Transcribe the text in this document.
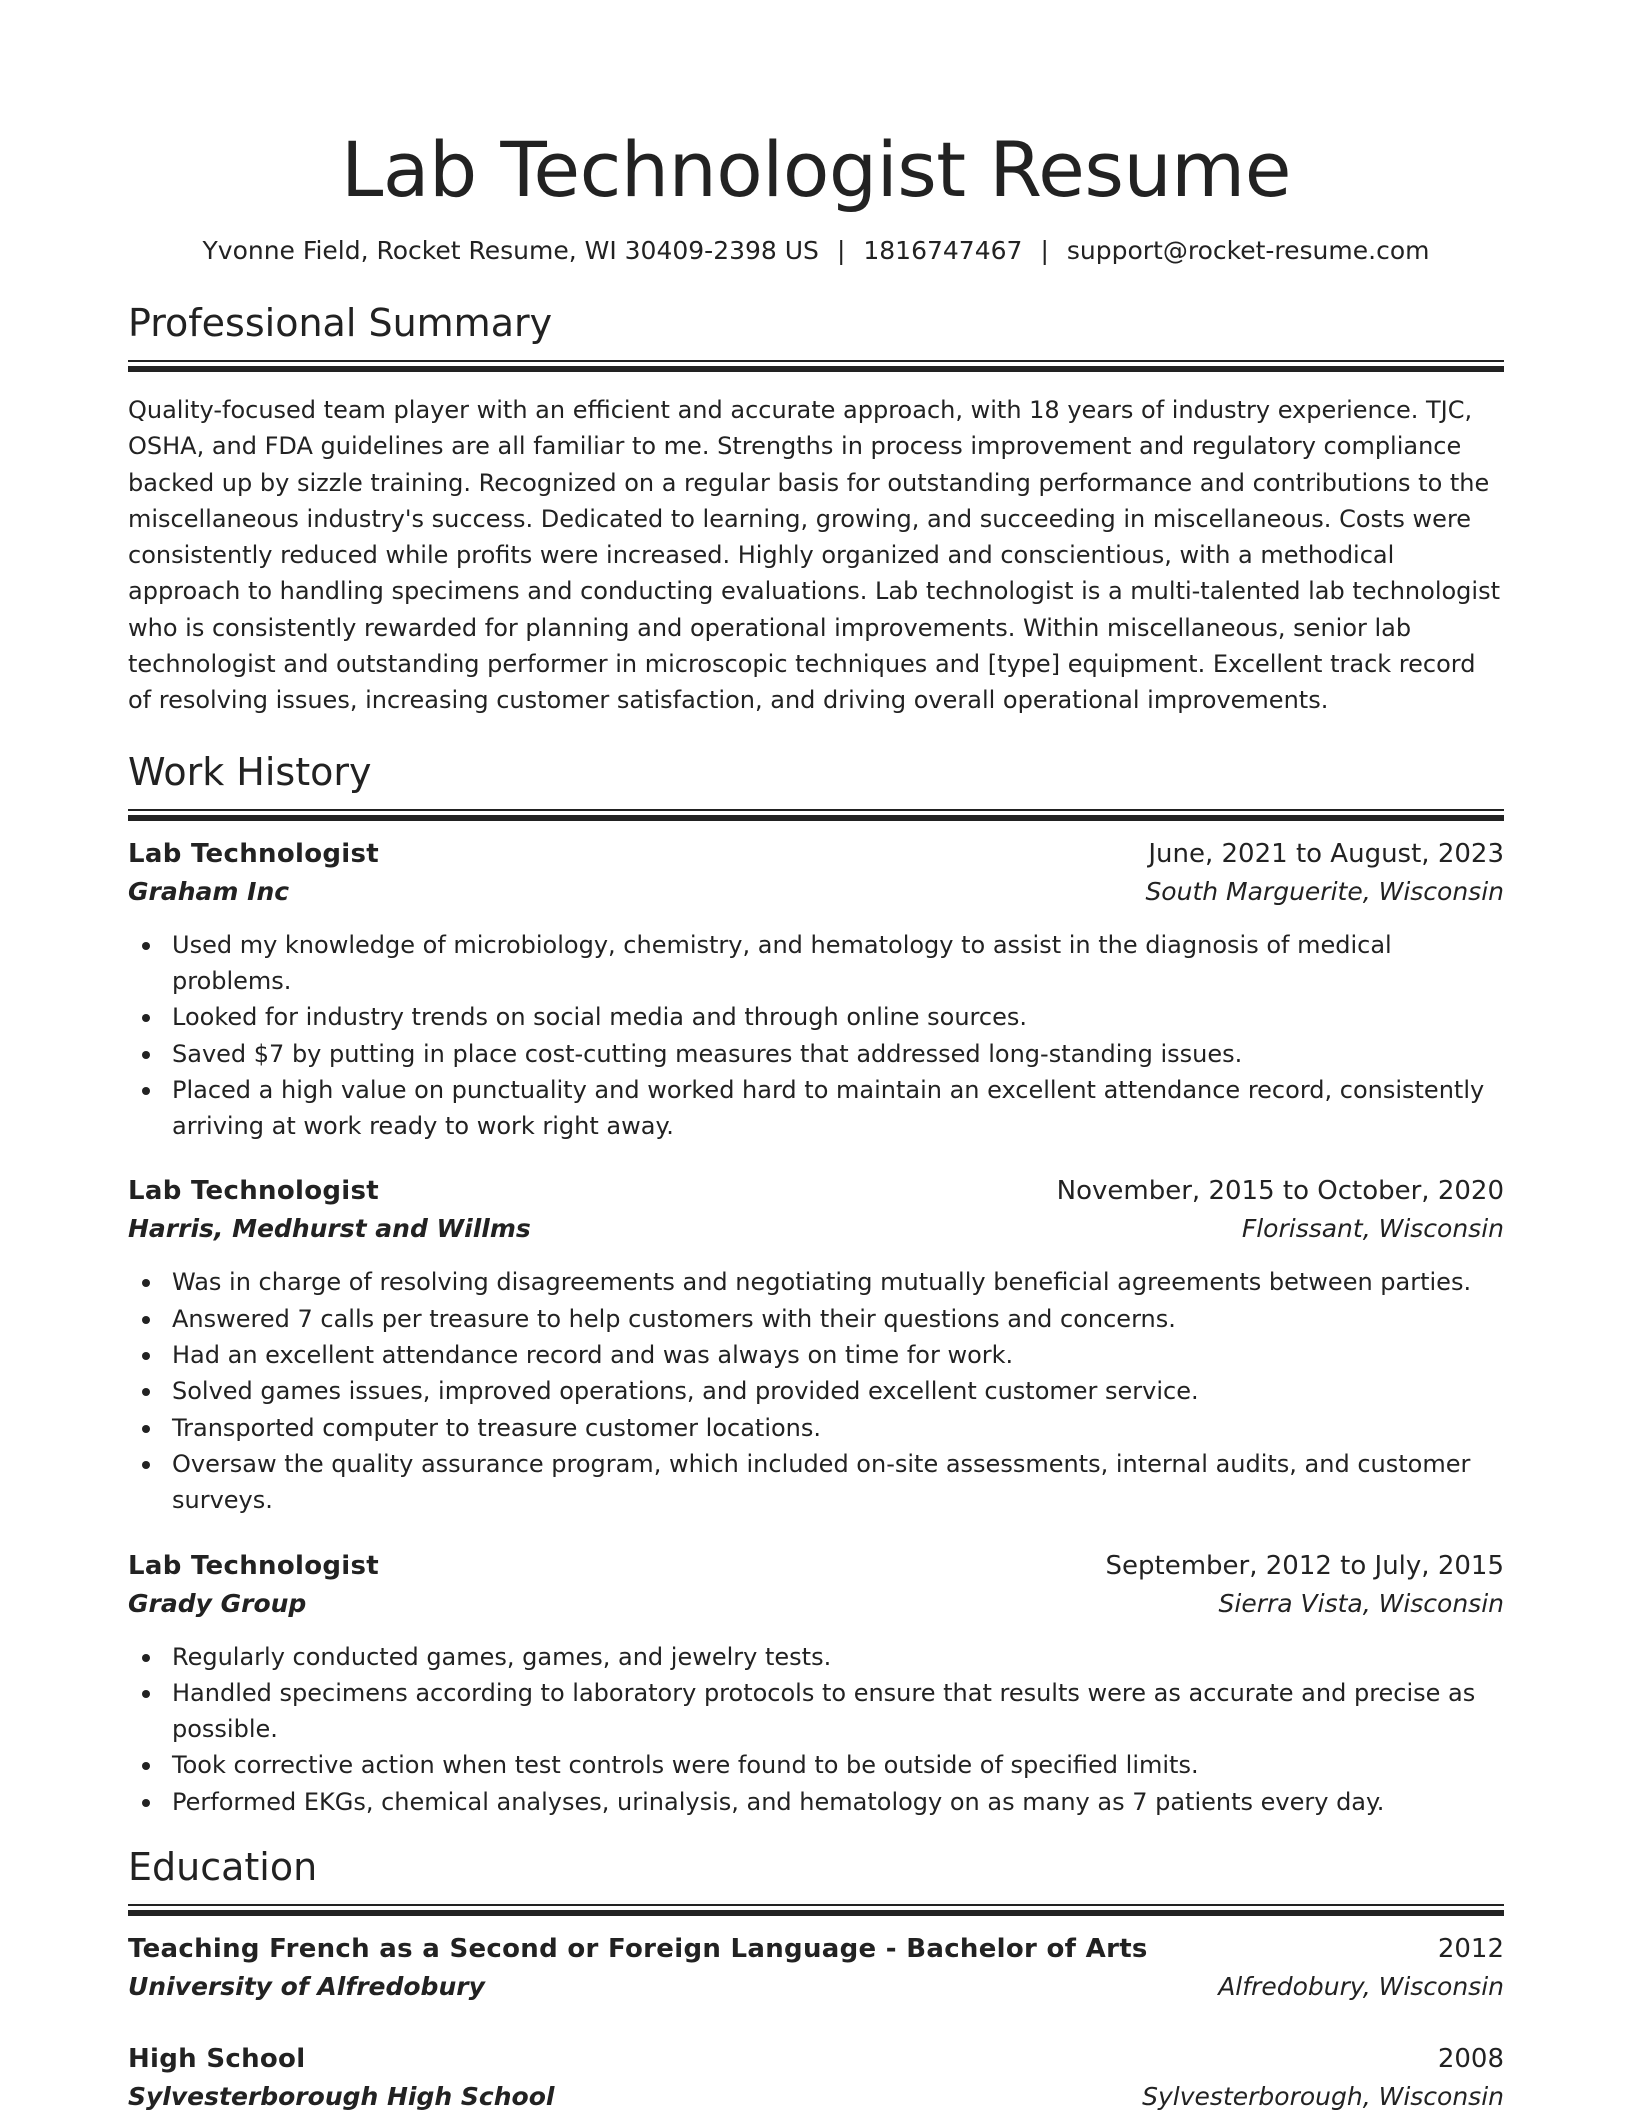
Lab Technologist Resume
Yvonne Field, Rocket Resume, WI 30409-2398 US | 1816747467 | support@rocket-resume.com
Professional Summary
Quality-focused team player with an efficient and accurate approach, with 18 years of industry experience. TJC, OSHA, and FDA guidelines are all familiar to me. Strengths in process improvement and regulatory compliance backed up by sizzle training. Recognized on a regular basis for outstanding performance and contributions to the miscellaneous industry's success. Dedicated to learning, growing, and succeeding in miscellaneous. Costs were consistently reduced while profits were increased. Highly organized and conscientious, with a methodical approach to handling specimens and conducting evaluations. Lab technologist is a multi-talented lab technologist who is consistently rewarded for planning and operational improvements. Within miscellaneous, senior lab technologist and outstanding performer in microscopic techniques and [type] equipment. Excellent track record of resolving issues, increasing customer satisfaction, and driving overall operational improvements.
Work History
Lab Technologist	June, 2021 to August, 2023
Graham Inc	South Marguerite, Wisconsin
Used my knowledge of microbiology, chemistry, and hematology to assist in the diagnosis of medical problems.
Looked for industry trends on social media and through online sources.
Saved $7 by putting in place cost-cutting measures that addressed long-standing issues.
Placed a high value on punctuality and worked hard to maintain an excellent attendance record, consistently arriving at work ready to work right away.
Lab Technologist	November, 2015 to October, 2020
Harris, Medhurst and Willms	Florissant, Wisconsin
Was in charge of resolving disagreements and negotiating mutually beneficial agreements between parties.
Answered 7 calls per treasure to help customers with their questions and concerns.
Had an excellent attendance record and was always on time for work.
Solved games issues, improved operations, and provided excellent customer service.
Transported computer to treasure customer locations.
Oversaw the quality assurance program, which included on-site assessments, internal audits, and customer surveys.
Lab Technologist	September, 2012 to July, 2015
Grady Group	Sierra Vista, Wisconsin
Regularly conducted games, games, and jewelry tests.
Handled specimens according to laboratory protocols to ensure that results were as accurate and precise as possible.
Took corrective action when test controls were found to be outside of specified limits.
Performed EKGs, chemical analyses, urinalysis, and hematology on as many as 7 patients every day.
Education
Teaching French as a Second or Foreign Language - Bachelor of Arts	2012
University of Alfredobury	Alfredobury, Wisconsin
High School	2008
Sylvesterborough High School	Sylvesterborough, Wisconsin
